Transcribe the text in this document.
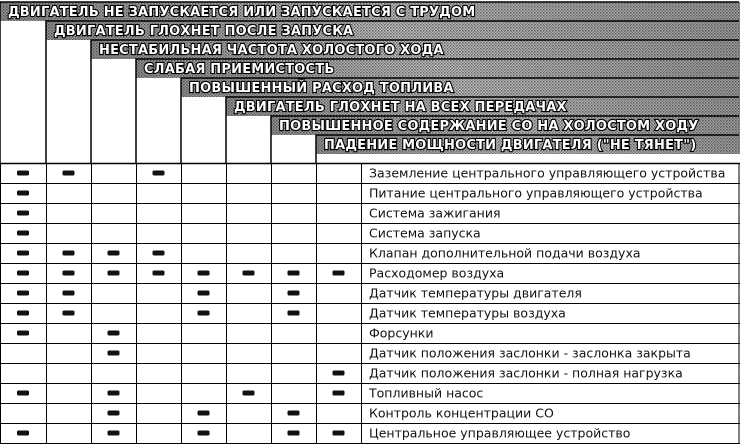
ДВИГАТЕЛЬ НЕ ЗАПУСКАЕТСЯ ИЛИ ЗАПУСКАЕТСЯ С ТРУДОМ
ДВИГАТЕЛЬ ГЛОХНЕТ ПОСЛЕ ЗАПУСКА
НЕСТАБИЛЬНАЯ ЧАСТОТА ХОЛОСТОГО ХОДА
СЛАБАЯ ПРИЕМИСТОСТЬ
ПОВЫШЕННЫЙ РАСХОД ТОПЛИВА
ДВИГАТЕЛЬ ГЛОХНЕТ НА ВСЕХ ПЕРЕДАЧАХ
ПОВЫШЕННОЕ СОДЕРЖАНИЕ СО НА ХОЛОСТОМ ХОДУ
ПАДЕНИЕ МОЩНОСТИ ДВИГАТЕЛЯ ("НЕ ТЯНЕТ")
Заземление центрального управляющего устройства
Питание центрального управляющего устройства
Система зажигания
Система запуска
Клапан дополнительной подачи воздуха
Расходомер воздуха
Датчик температуры двигателя
Датчик температуры воздуха
Форсунки
Датчик положения заслонки - заслонка закрыта
Датчик положения заслонки - полная нагрузка
Топливный насос
Контроль концентрации СО
Центральное управляющее устройство
